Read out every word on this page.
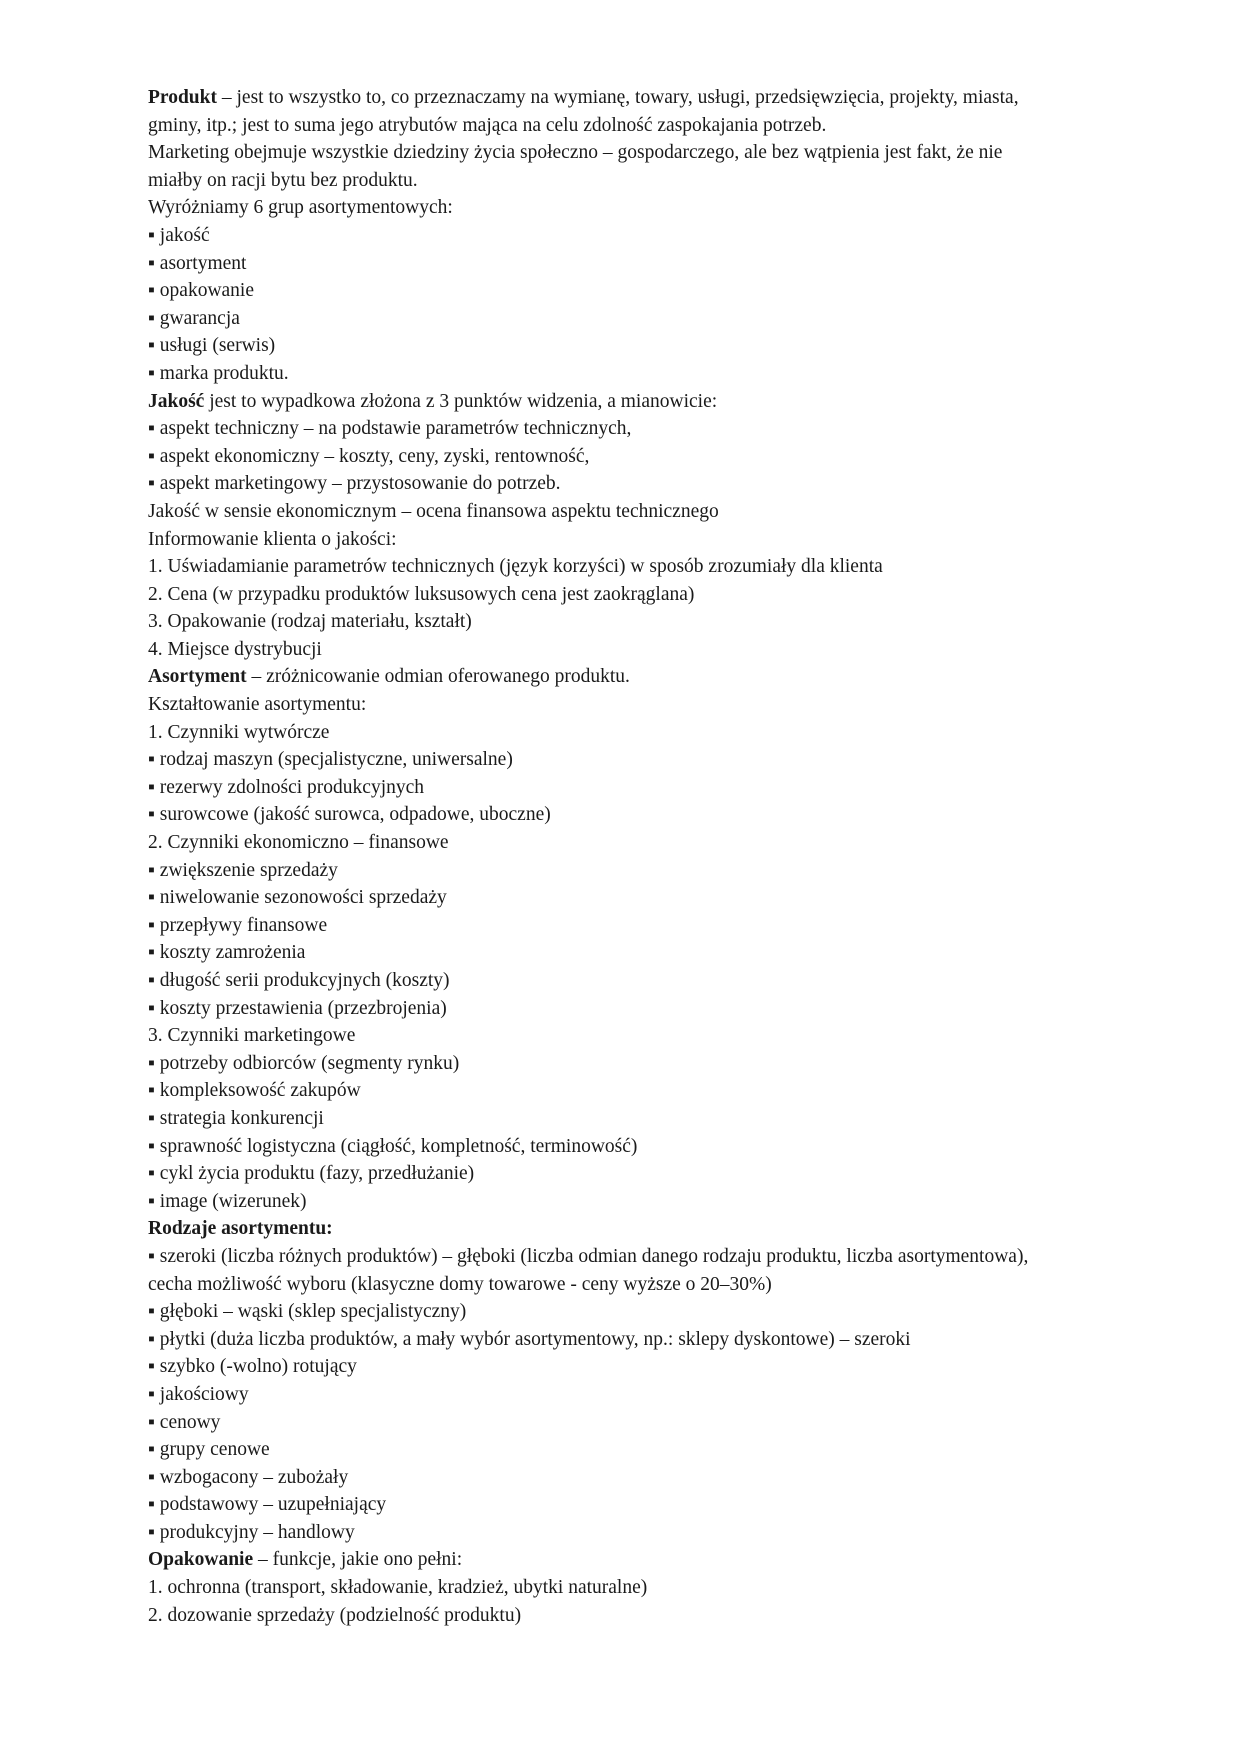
Produkt – jest to wszystko to, co przeznaczamy na wymianę, towary, usługi, przedsięwzięcia, projekty, miasta,

gminy, itp.; jest to suma jego atrybutów mająca na celu zdolność zaspokajania potrzeb.

Marketing obejmuje wszystkie dziedziny życia społeczno – gospodarczego, ale bez wątpienia jest fakt, że nie

miałby on racji bytu bez produktu.

Wyróżniamy 6 grup asortymentowych:

▪ jakość

▪ asortyment

▪ opakowanie

▪ gwarancja

▪ usługi (serwis)

▪ marka produktu.

Jakość jest to wypadkowa złożona z 3 punktów widzenia, a mianowicie:

▪ aspekt techniczny – na podstawie parametrów technicznych,

▪ aspekt ekonomiczny – koszty, ceny, zyski, rentowność,

▪ aspekt marketingowy – przystosowanie do potrzeb.

Jakość w sensie ekonomicznym – ocena finansowa aspektu technicznego

Informowanie klienta o jakości:

1. Uświadamianie parametrów technicznych (język korzyści) w sposób zrozumiały dla klienta

2. Cena (w przypadku produktów luksusowych cena jest zaokrąglana)

3. Opakowanie (rodzaj materiału, kształt)

4. Miejsce dystrybucji

Asortyment – zróżnicowanie odmian oferowanego produktu.

Kształtowanie asortymentu:

1. Czynniki wytwórcze

▪ rodzaj maszyn (specjalistyczne, uniwersalne)

▪ rezerwy zdolności produkcyjnych

▪ surowcowe (jakość surowca, odpadowe, uboczne)

2. Czynniki ekonomiczno – finansowe

▪ zwiększenie sprzedaży

▪ niwelowanie sezonowości sprzedaży

▪ przepływy finansowe

▪ koszty zamrożenia

▪ długość serii produkcyjnych (koszty)

▪ koszty przestawienia (przezbrojenia)

3. Czynniki marketingowe

▪ potrzeby odbiorców (segmenty rynku)

▪ kompleksowość zakupów

▪ strategia konkurencji

▪ sprawność logistyczna (ciągłość, kompletność, terminowość)

▪ cykl życia produktu (fazy, przedłużanie)

▪ image (wizerunek)

Rodzaje asortymentu:

▪ szeroki (liczba różnych produktów) – głęboki (liczba odmian danego rodzaju produktu, liczba asortymentowa),

cecha możliwość wyboru (klasyczne domy towarowe - ceny wyższe o 20–30%)

▪ głęboki – wąski (sklep specjalistyczny)

▪ płytki (duża liczba produktów, a mały wybór asortymentowy, np.: sklepy dyskontowe) – szeroki

▪ szybko (-wolno) rotujący

▪ jakościowy

▪ cenowy

▪ grupy cenowe

▪ wzbogacony – zubożały

▪ podstawowy – uzupełniający

▪ produkcyjny – handlowy

Opakowanie – funkcje, jakie ono pełni:

1. ochronna (transport, składowanie, kradzież, ubytki naturalne)

2. dozowanie sprzedaży (podzielność produktu)
